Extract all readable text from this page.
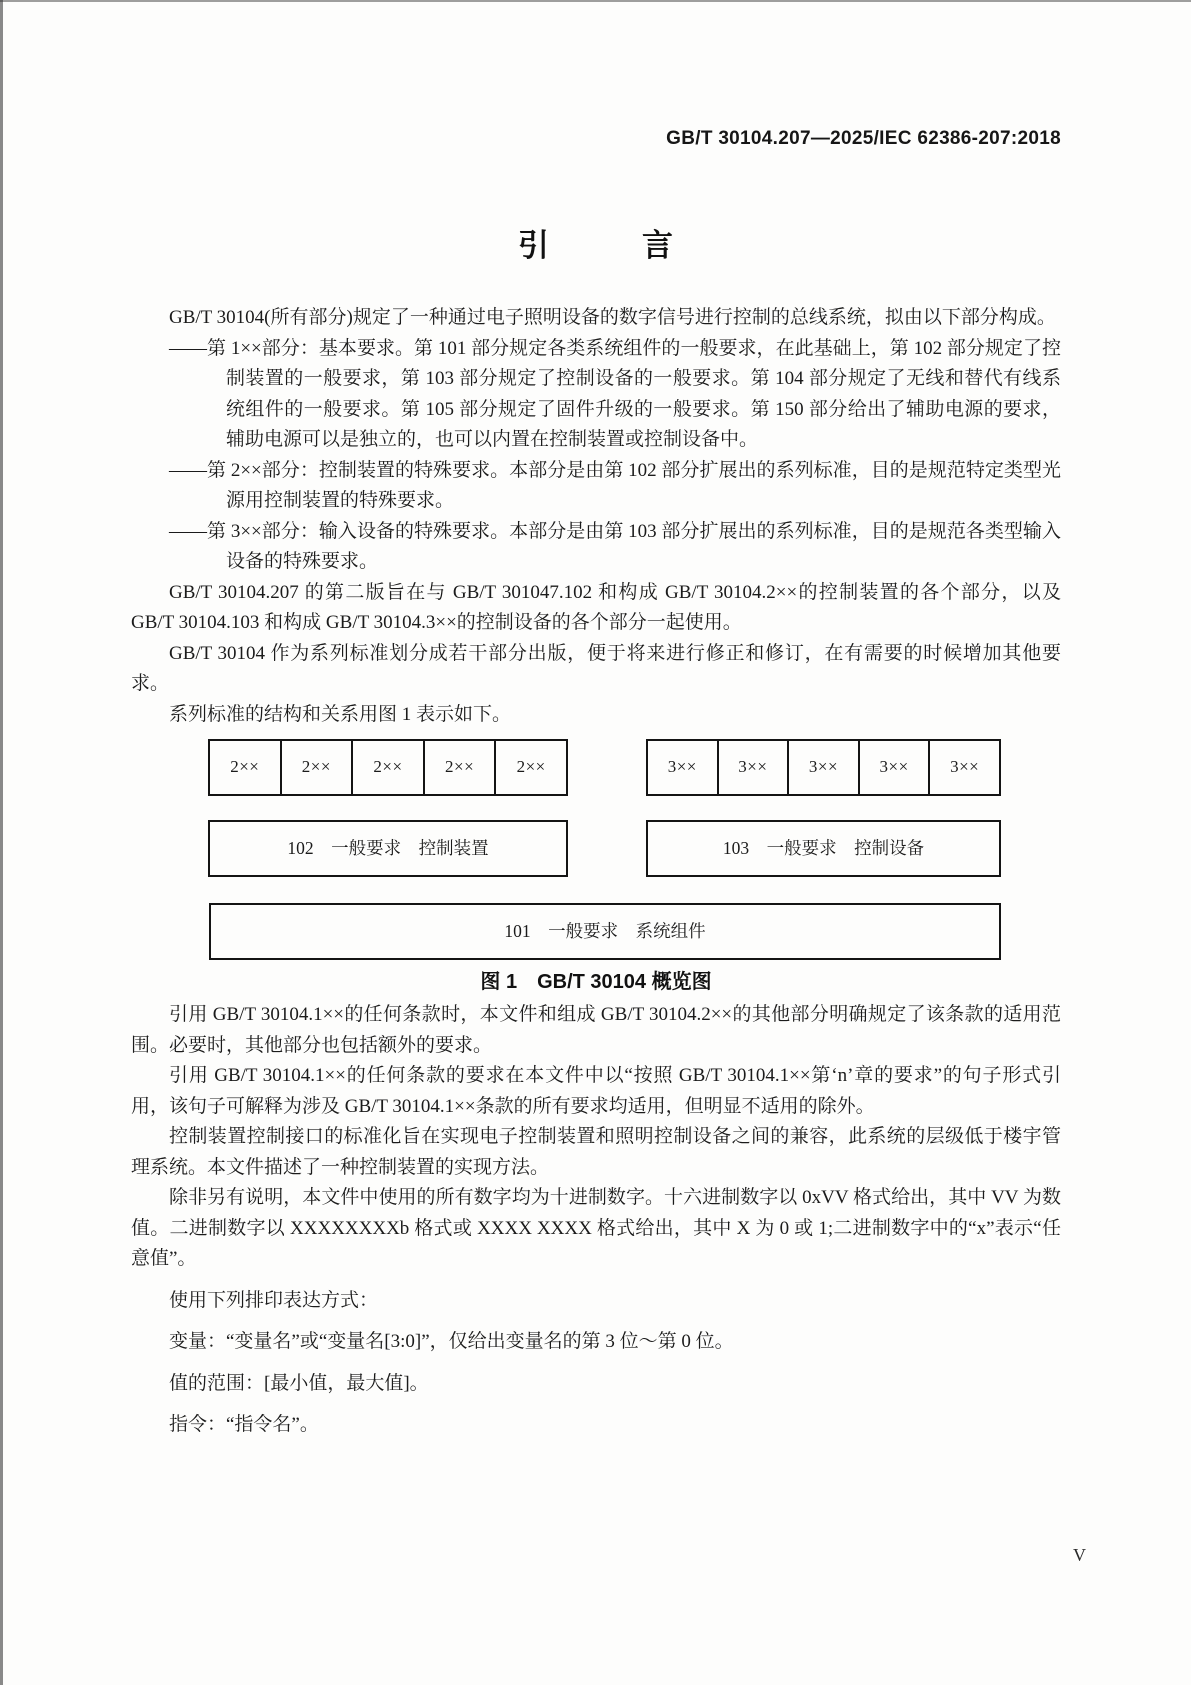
GB/T 30104.207—2025/IEC 62386-207:2018
引　　　言

GB/T 30104(所有部分)规定了一种通过电子照明设备的数字信号进行控制的总线系统，拟由以下部分构成。

——第 1××部分：基本要求。第 101 部分规定各类系统组件的一般要求，在此基础上，第 102 部分规定了控制装置的一般要求，第 103 部分规定了控制设备的一般要求。第 104 部分规定了无线和替代有线系统组件的一般要求。第 105 部分规定了固件升级的一般要求。第 150 部分给出了辅助电源的要求，辅助电源可以是独立的，也可以内置在控制装置或控制设备中。

——第 2××部分：控制装置的特殊要求。本部分是由第 102 部分扩展出的系列标准，目的是规范特定类型光源用控制装置的特殊要求。

——第 3××部分：输入设备的特殊要求。本部分是由第 103 部分扩展出的系列标准，目的是规范各类型输入设备的特殊要求。

GB/T 30104.207 的第二版旨在与 GB/T 301047.102 和构成 GB/T 30104.2××的控制装置的各个部分，以及 GB/T 30104.103 和构成 GB/T 30104.3××的控制设备的各个部分一起使用。

GB/T 30104 作为系列标准划分成若干部分出版，便于将来进行修正和修订，在有需要的时候增加其他要求。

系列标准的结构和关系用图 1 表示如下。

2××	2××	2××	2××	2××	3××	3××	3××	3××	3××
102　一般要求　控制装置	103　一般要求　控制设备
101　一般要求　系统组件
图 1　GB/T 30104 概览图

引用 GB/T 30104.1××的任何条款时，本文件和组成 GB/T 30104.2××的其他部分明确规定了该条款的适用范围。必要时，其他部分也包括额外的要求。

引用 GB/T 30104.1××的任何条款的要求在本文件中以“按照 GB/T 30104.1××第‘n’章的要求”的句子形式引用，该句子可解释为涉及 GB/T 30104.1××条款的所有要求均适用，但明显不适用的除外。

控制装置控制接口的标准化旨在实现电子控制装置和照明控制设备之间的兼容，此系统的层级低于楼宇管理系统。本文件描述了一种控制装置的实现方法。

除非另有说明，本文件中使用的所有数字均为十进制数字。十六进制数字以 0xVV 格式给出，其中 VV 为数值。二进制数字以 XXXXXXXXb 格式或 XXXX XXXX 格式给出，其中 X 为 0 或 1;二进制数字中的“x”表示“任意值”。

使用下列排印表达方式：

变量：“变量名”或“变量名[3:0]”，仅给出变量名的第 3 位～第 0 位。

值的范围：[最小值，最大值]。

指令：“指令名”。

V
